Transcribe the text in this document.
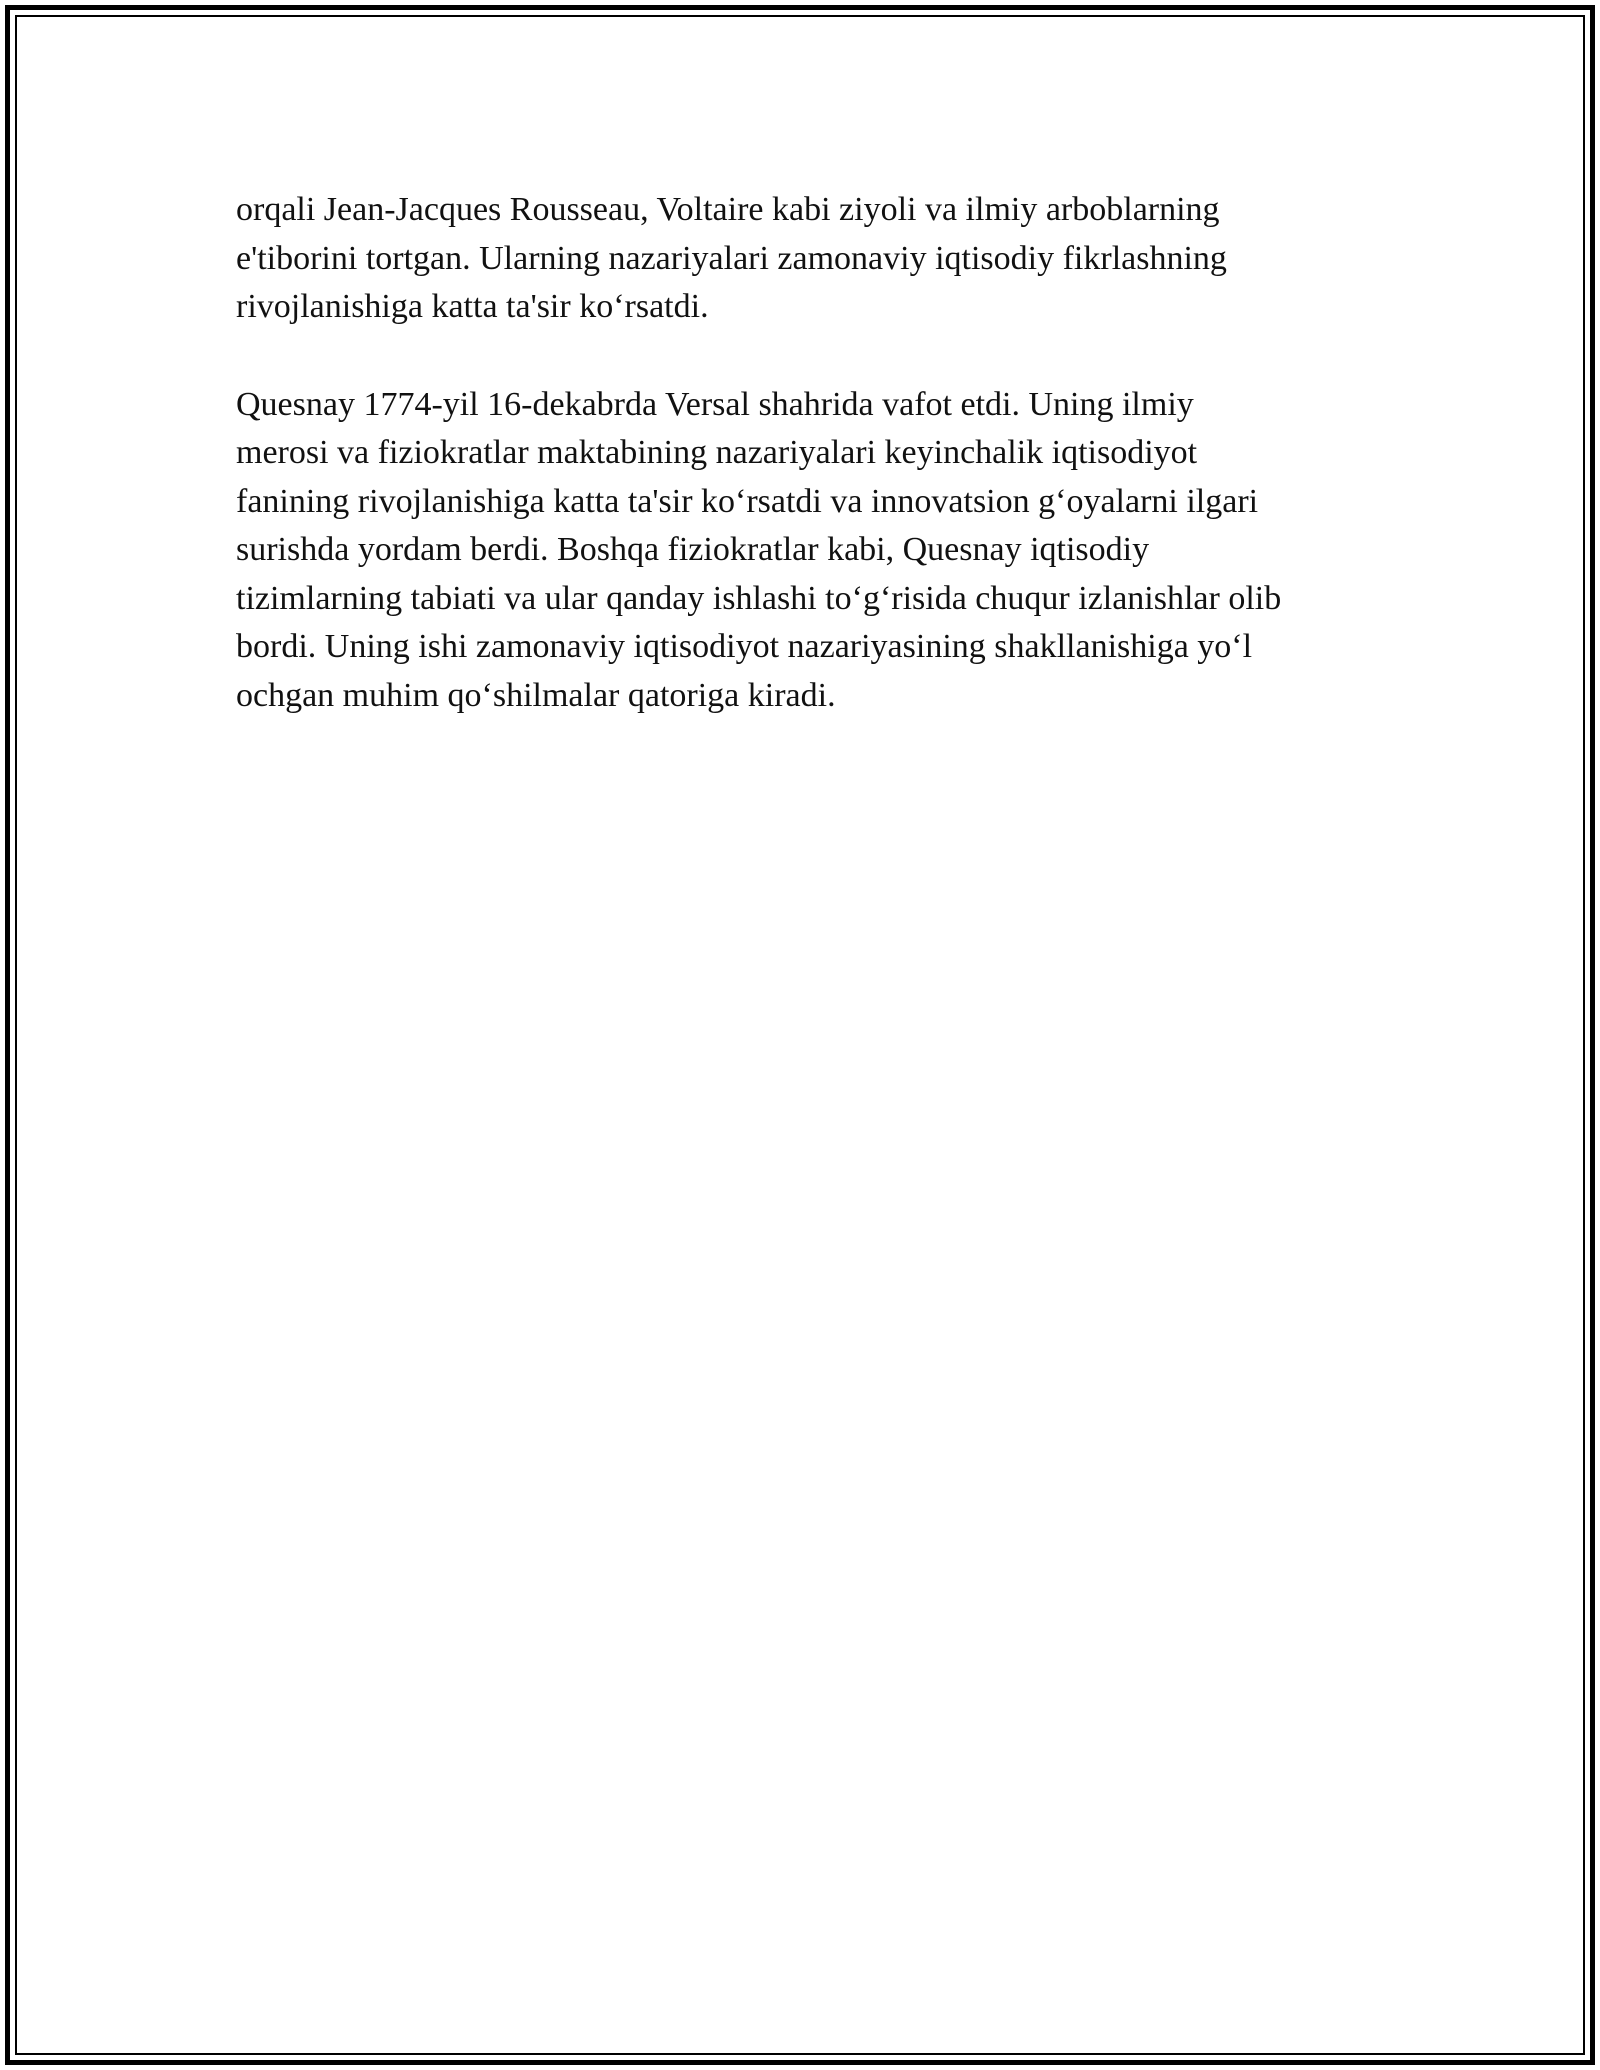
orqali Jean-Jacques Rousseau, Voltaire kabi ziyoli va ilmiy arboblarning
e'tiborini tortgan. Ularning nazariyalari zamonaviy iqtisodiy fikrlashning
rivojlanishiga katta ta'sir ko‘rsatdi.

Quesnay 1774-yil 16-dekabrda Versal shahrida vafot etdi. Uning ilmiy
merosi va fiziokratlar maktabining nazariyalari keyinchalik iqtisodiyot
fanining rivojlanishiga katta ta'sir ko‘rsatdi va innovatsion g‘oyalarni ilgari
surishda yordam berdi. Boshqa fiziokratlar kabi, Quesnay iqtisodiy
tizimlarning tabiati va ular qanday ishlashi to‘g‘risida chuqur izlanishlar olib
bordi. Uning ishi zamonaviy iqtisodiyot nazariyasining shakllanishiga yo‘l
ochgan muhim qo‘shilmalar qatoriga kiradi.
